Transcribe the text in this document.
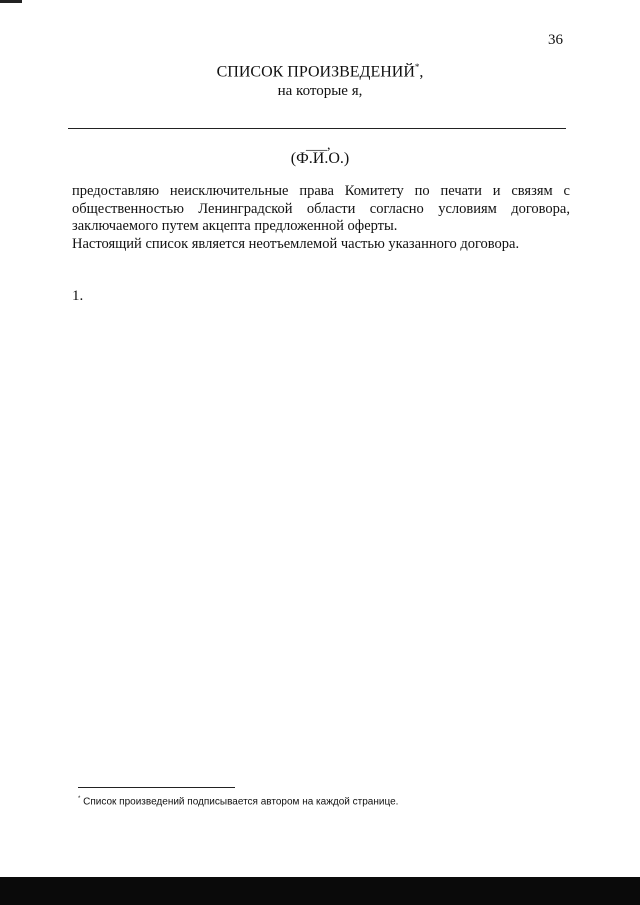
36
СПИСОК ПРОИЗВЕДЕНИЙ*,
на которые я,
___,
(Ф.И.О.)

предоставляю неисключительные права Комитету по печати и связям с общественностью Ленинградской области согласно условиям договора, заключаемого путем акцепта предложенной оферты.

Настоящий список является неотъемлемой частью указанного договора.

1.
* Список произведений подписывается автором на каждой странице.
